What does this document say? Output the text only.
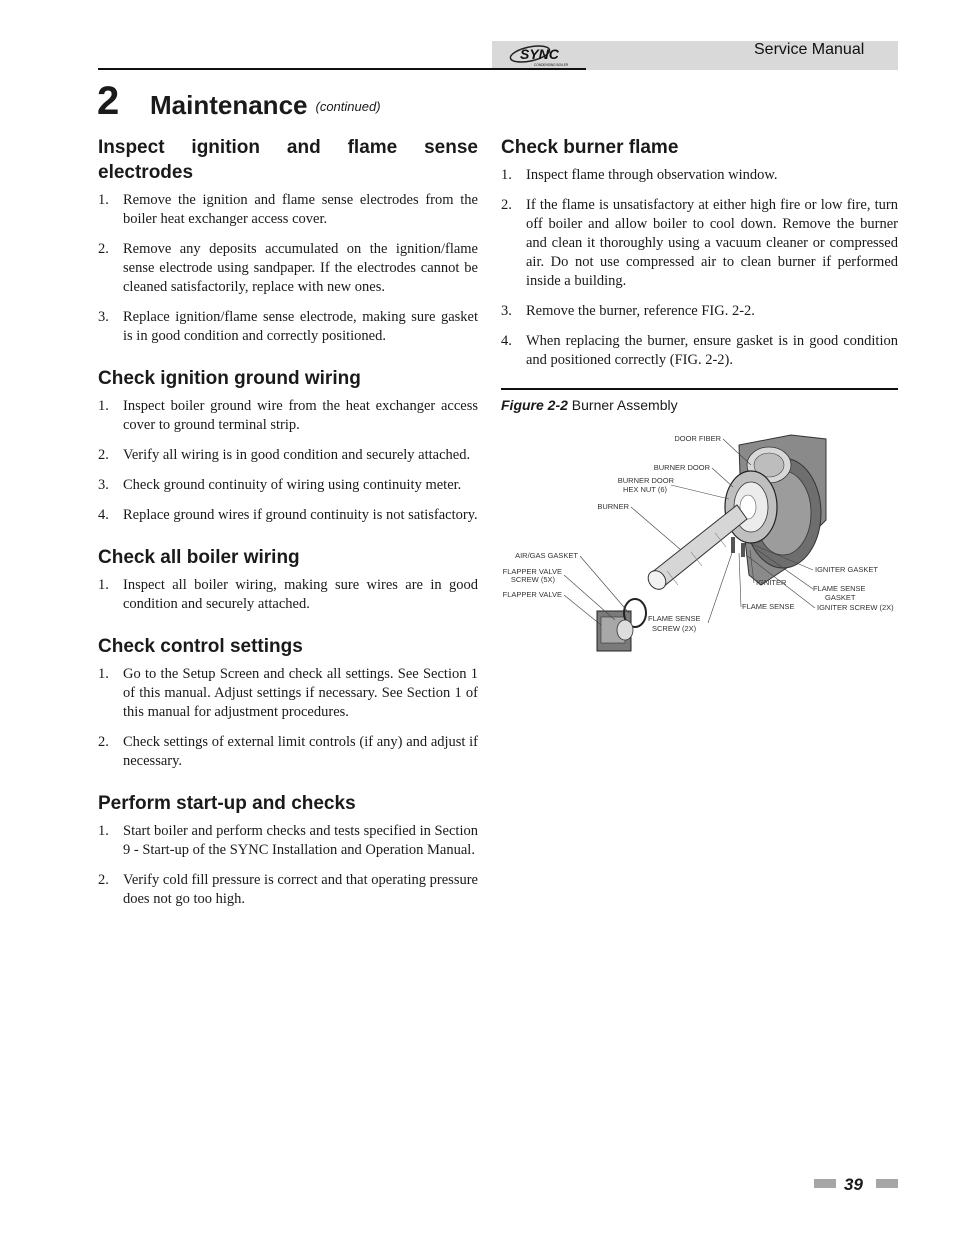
SYNC
CONDENSING BOILER
Service Manual
2 Maintenance (continued)
Inspect ignition and flame sense electrodes
1. Remove the ignition and flame sense electrodes from the boiler heat exchanger access cover.
2. Remove any deposits accumulated on the ignition/flame sense electrode using sandpaper. If the electrodes cannot be cleaned satisfactorily, replace with new ones.
3. Replace ignition/flame sense electrode, making sure gasket is in good condition and correctly positioned.
Check ignition ground wiring
1. Inspect boiler ground wire from the heat exchanger access cover to ground terminal strip.
2. Verify all wiring is in good condition and securely attached.
3. Check ground continuity of wiring using continuity meter.
4. Replace ground wires if ground continuity is not satisfactory.
Check all boiler wiring
1. Inspect all boiler wiring, making sure wires are in good condition and securely attached.
Check control settings
1. Go to the Setup Screen and check all settings. See Section 1 of this manual. Adjust settings if necessary. See Section 1 of this manual for adjustment procedures.
2. Check settings of external limit controls (if any) and adjust if necessary.
Perform start-up and checks
1. Start boiler and perform checks and tests specified in Section 9 - Start-up of the SYNC Installation and Operation Manual.
2. Verify cold fill pressure is correct and that operating pressure does not go too high.
Check burner flame
1. Inspect flame through observation window.
2. If the flame is unsatisfactory at either high fire or low fire, turn off boiler and allow boiler to cool down. Remove the burner and clean it thoroughly using a vacuum cleaner or compressed air. Do not use compressed air to clean burner if performed inside a building.
3. Remove the burner, reference FIG. 2-2.
4. When replacing the burner, ensure gasket is in good condition and positioned correctly (FIG. 2-2).
Figure 2-2 Burner Assembly
DOOR FIBER
BURNER DOOR
BURNER DOOR
HEX NUT (6)
BURNER
AIR/GAS GASKET
FLAPPER VALVE
SCREW (5X)
FLAPPER VALVE
IGNITER GASKET
IGNITER
FLAME SENSE
GASKET
IGNITER SCREW (2X)
FLAME SENSE
FLAME SENSE
SCREW (2X)
39
